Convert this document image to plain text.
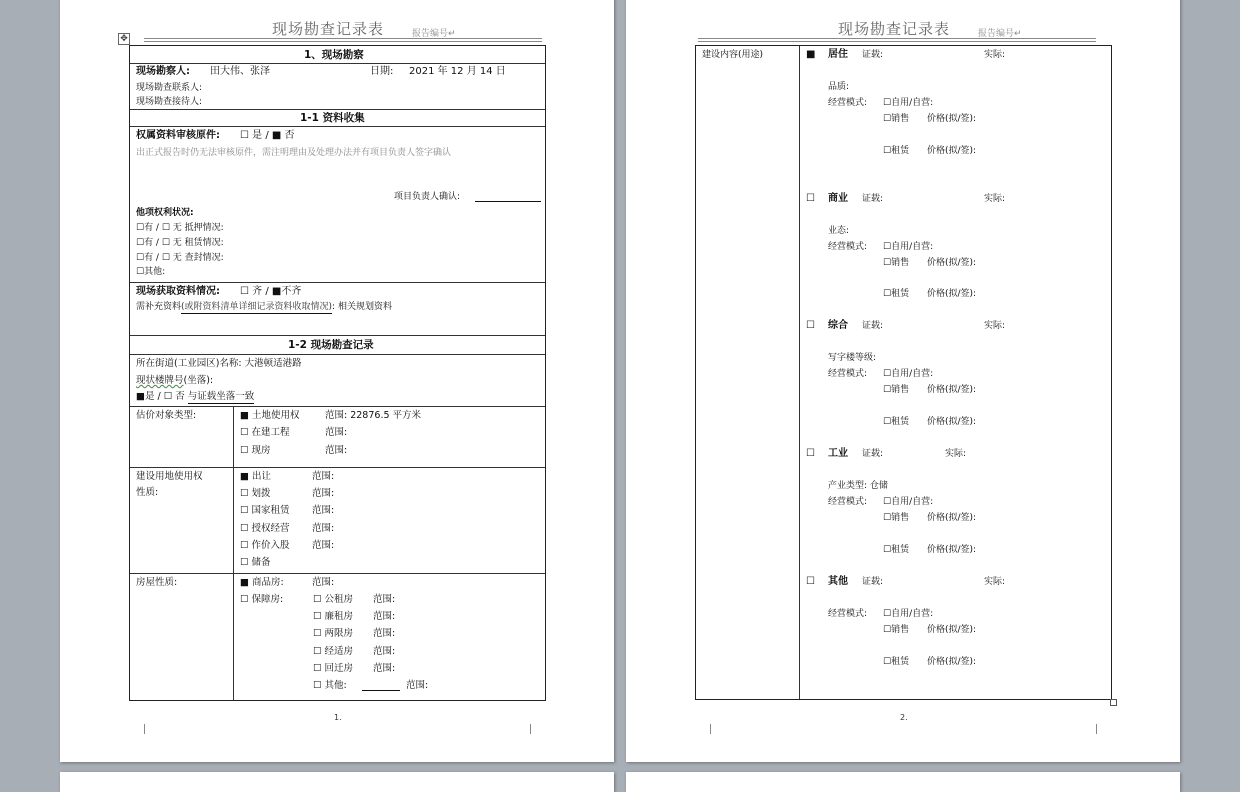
现场勘查记录表	报告编号↵
✥
1、现场勘察
现场勘察人: 田大伟、张泽	日期: 2021 年 12 月 14 日
现场勘查联系人:
现场勘查接待人:
1-1 资料收集
权属资料审核原件: ☐ 是 / ■ 否
出正式报告时仍无法审核原件，需注明理由及处理办法并有项目负责人签字确认
项目负责人确认:
他项权利状况:
☐有 / ☐ 无 抵押情况:
☐有 / ☐ 无 租赁情况:
☐有 / ☐ 无 查封情况:
☐其他:
现场获取资料情况: ☐ 齐 / ■不齐
需补充资料(或附资料清单详细记录资料收取情况): 相关规划资料
1-2 现场勘查记录
所在街道(工业园区)名称: 大港顿适港路
现状楼牌号(坐落):
■是 / ☐ 否 与证载坐落一致
估价对象类型:	■ 土地使用权	范围: 22876.5 平方米
☐ 在建工程	范围:
☐ 现房	范围:
建设用地使用权
性质:
■ 出让	范围:
☐ 划拨	范围:
☐ 国家租赁 范围:
☐ 授权经营 范围:
☐ 作价入股 范围:
☐ 储备
房屋性质:	■ 商品房:	范围:
☐ 保障房:	☐ 公租房 范围:
☐ 廉租房 范围:
☐ 两限房 范围:
☐ 经适房 范围:
☐ 回迁房 范围:
☐ 其他:	范围:
1.
现场勘查记录表	报告编号↵
建设内容(用途)	■ 居住 证载:	实际:
品质:
经营模式: ☐自用/自营:
☐销售 价格(拟/签):
☐租赁 价格(拟/签):
☐ 商业 证载:	实际:
业态:
经营模式: ☐自用/自营:
☐销售 价格(拟/签):
☐租赁 价格(拟/签):
☐ 综合 证载:	实际:
写字楼等级:
经营模式: ☐自用/自营:
☐销售 价格(拟/签):
☐租赁 价格(拟/签):
☐ 工业 证载:	实际:
产业类型: 仓储
经营模式: ☐自用/自营:
☐销售 价格(拟/签):
☐租赁 价格(拟/签):
☐ 其他 证载:	实际:
经营模式: ☐自用/自营:
☐销售 价格(拟/签):
☐租赁 价格(拟/签):
2.
